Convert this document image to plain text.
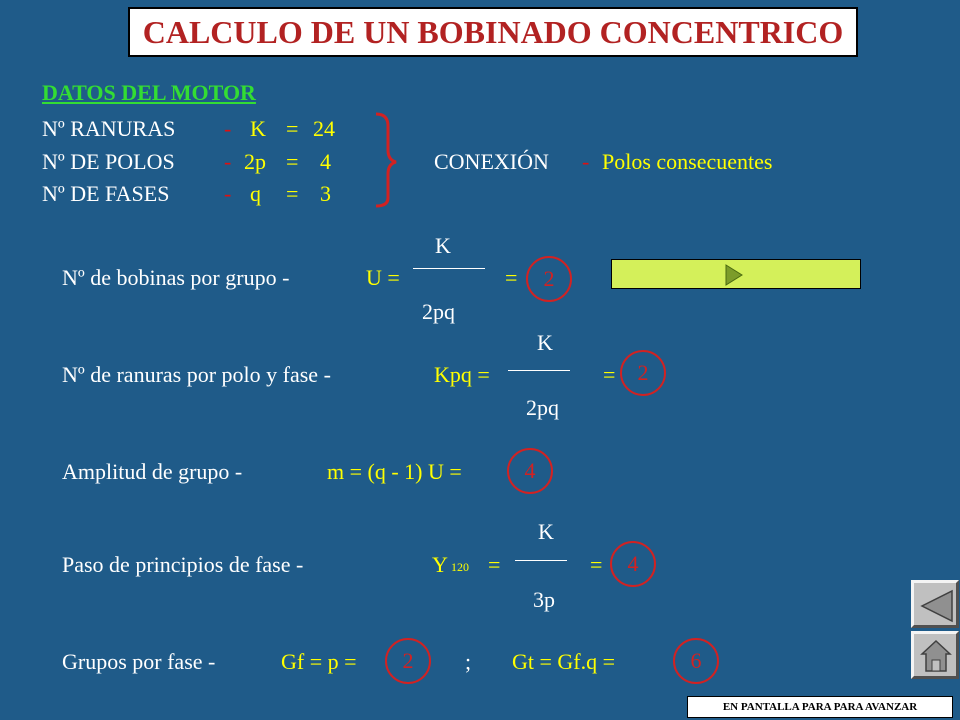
CALCULO DE UN BOBINADO CONCENTRICO
DATOS DEL MOTOR
Nº RANURAS - K = 24
Nº DE POLOS - 2p = 4
Nº DE FASES - q = 3
CONEXIÓN - Polos consecuentes
K
Nº de bobinas por grupo -	U =	=	2
2pq
K
Nº de ranuras por polo y fase -	Kpq =	=	2
2pq
Amplitud de grupo -	m = (q - 1) U =	4
K
Paso de principios de fase -	Y 120 =	=	4
3p
Grupos por fase -	Gf = p =	2	; Gt = Gf.q =	6
EN PANTALLA PARA PARA AVANZAR
